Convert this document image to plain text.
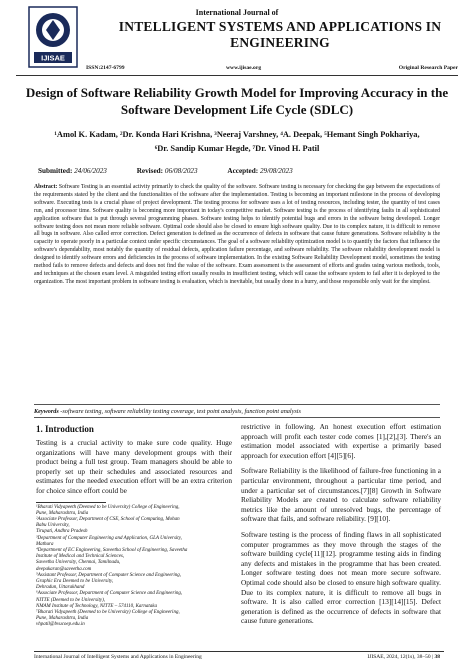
IJISAE
International Journal of
INTELLIGENT SYSTEMS AND APPLICATIONS IN ENGINEERING
ISSN:2147-6799	www.ijisae.org	Original Research Paper
Design of Software Reliability Growth Model for Improving Accuracy in the Software Development Life Cycle (SDLC)
¹Amol K. Kadam, ²Dr. Konda Hari Krishna, ³Neeraj Varshney, ⁴A. Deepak, ⁵Hemant Singh Pokhariya,
⁶Dr. Sandip Kumar Hegde, ⁷Dr. Vinod H. Patil
Submitted: 24/06/2023	Revised: 06/08/2023	Accepted: 29/08/2023
Abstract: Software Testing is an essential activity primarily to check the quality of the software. Software testing is necessary for checking the gap between the expectations of the requirements stated by the client and the functionalities of the software after the implementation. Testing is becoming an important milestone in the process of developing software. Executing tests is a crucial phase of project development. The testing process for software uses a lot of testing resources, including tester, the quantity of test cases run, and processor time. Software quality is becoming more important in today's competitive market. Software testing is the process of identifying faults in all sophisticated application software that is put through several programming phases. Software testing helps to identify potential bugs and errors in the software being developed. Longer software testing does not mean more reliable software. Optimal code should also be closed to ensure high software quality. Due to its complex nature, it is difficult to remove all bugs in software. Also called error correction. Defect generation is defined as the occurrence of defects in software that cause future generations. Software reliability is the capacity to operate poorly in a particular context under specific circumstances. The goal of a software reliability optimization model is to quantify the factors that influence the software's dependability, most notably the quantity of residual defects, application failure percentage, and software reliability. The software reliability development model is designed to identify software errors and deficiencies in the process of software implementation. In the existing Software Reliability Development model, sometimes the testing method fails to remove defects and defects and does not find the value of the software. Exam assessment is the assessment of efforts and grades using various methods, tools, and techniques at the chosen exam level. A misguided testing effort usually results in insufficient testing, which will cause the software system to fail after it is deployed to the organization. The most important problem in software testing is evaluation, which is inevitable, but usually done in a hurry, and those responsible only wait for the simplest.
Keywords -software testing, software reliability testing coverage, test point analysis, function point analysis
1. Introduction

Testing is a crucial activity to make sure code quality. Huge organizations will have many development groups with their product being a full test group. Team managers should be able to properly set up their schedules and associated resources and estimates for the needed execution effort will be an extra criterion for choice since effort could be

¹Bharati Vidyapeeth (Deemed to be University) College of Engineering,
Pune, Maharashtra, India
²Associate Professor, Department of CSE, School of Computing, Mohan
Babu University,
Tirupati, Andhra Pradesh
³Department of Computer Engineering and Application, GLA University,
Mathura
⁴Department of EC Engineering, Saveetha School of Engineering, Saveetha
Institute of Medical and Technical Sciences,
Saveetha University, Chennai, Tamilnadu,
deepakaran@saveetha.com
⁵Assistant Professor, Department of Computer Science and Engineering,
Graphic Era Deemed to be University,
Dehradun, Uttarakhand
⁶Associate Professor, Department of Computer Science and Engineering,
NITTE (Deemed to be University),
NMAM Institute of Technology, NITTE – 574110, Karnataka
⁷Bharati Vidyapeeth (Deemed to be University) College of Engineering,
Pune, Maharashtra, India
vhpatil@bvucoep.edu.in

restrictive in following. An honest execution effort estimation approach will profit each tester code comes [1],[2],[3]. There's an estimation model associated with expertise a primarily based approach for execution effort [4][5][6].

Software Reliability is the likelihood of failure-free functioning in a particular environment, throughout a particular time period, and under a particular set of circumstances.[7][8] Growth in Software Reliability Models are created to calculate software reliability metrics like the amount of unresolved bugs, the percentage of software that fails, and software reliability. [9][10].

Software testing is the process of finding flaws in all sophisticated computer programmes as they move through the stages of the software building cycle[11][12]. programme testing aids in finding any defects and mistakes in the programme that has been created. Longer software testing does not mean more secure software. Optimal code should also be closed to ensure high software quality. Due to its complex nature, it is difficult to remove all bugs in software. It is also called error correction [13][14][15]. Defect generation is defined as the occurrence of defects in software that cause future generations.

International Journal of Intelligent Systems and Applications in Engineering	IJISAE, 2024, 12(1s), 38–50 | 38
